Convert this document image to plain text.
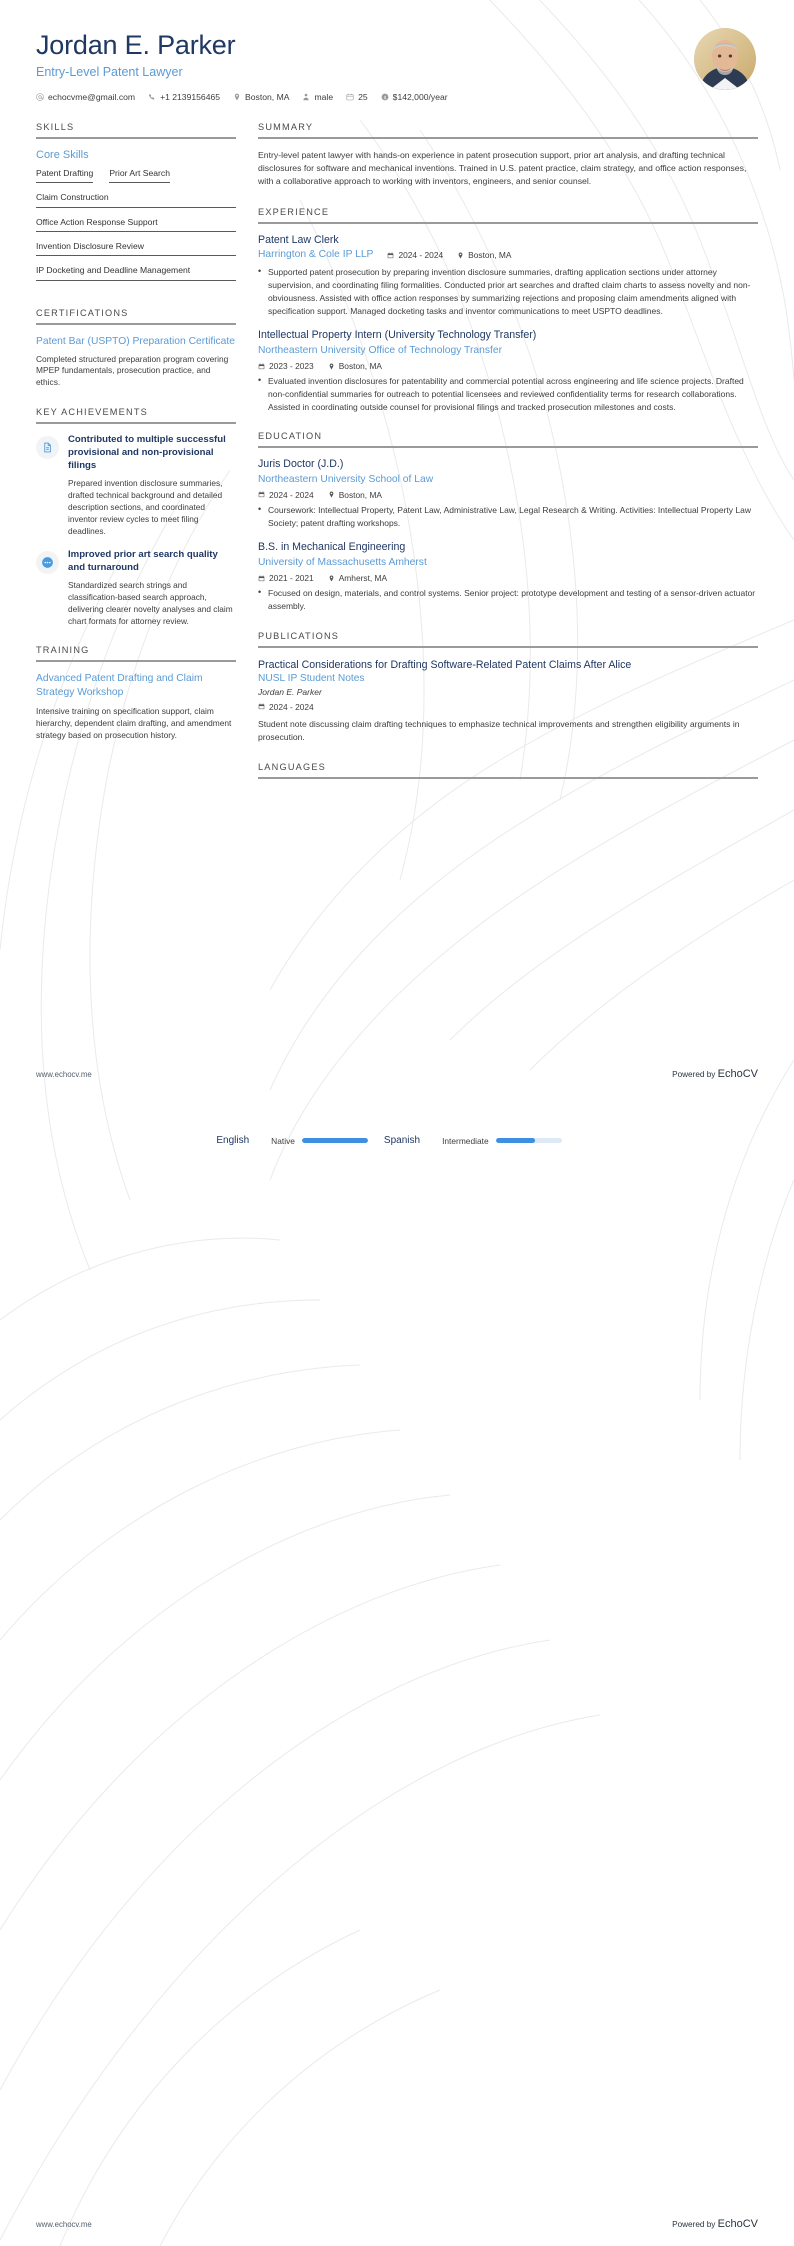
Jordan E. Parker
Entry-Level Patent Lawyer
echocvme@gmail.com	+1 2139156465	Boston, MA	male	25 $ $142,000/year
SKILLS
Core Skills
Patent Drafting Prior Art Search
Claim Construction
Office Action Response Support
Invention Disclosure Review
IP Docketing and Deadline Management
CERTIFICATIONS
Patent Bar (USPTO) Preparation Certificate
Completed structured preparation program covering MPEP fundamentals, prosecution practice, and ethics.
KEY ACHIEVEMENTS
Contributed to multiple successful provisional and non-provisional filings
Prepared invention disclosure summaries, drafted technical background and detailed description sections, and coordinated inventor review cycles to meet filing deadlines.
Improved prior art search quality and turnaround
Standardized search strings and classification-based search approach, delivering clearer novelty analyses and claim chart formats for attorney review.
TRAINING
Advanced Patent Drafting and Claim Strategy Workshop
Intensive training on specification support, claim hierarchy, dependent claim drafting, and amendment strategy based on prosecution history.
SUMMARY
Entry-level patent lawyer with hands-on experience in patent prosecution support, prior art analysis, and drafting technical disclosures for software and mechanical inventions. Trained in U.S. patent practice, claim strategy, and office action responses, with a collaborative approach to working with inventors, engineers, and senior counsel.
EXPERIENCE
Patent Law Clerk
Harrington & Cole IP LLP	2024 - 2024	Boston, MA
• Supported patent prosecution by preparing invention disclosure summaries, drafting application sections under attorney supervision, and coordinating filing formalities. Conducted prior art searches and drafted claim charts to assess novelty and non-obviousness. Assisted with office action responses by summarizing rejections and proposing claim amendments aligned with specification support. Managed docketing tasks and inventor communications to meet USPTO deadlines.
Intellectual Property Intern (University Technology Transfer)
Northeastern University Office of Technology Transfer
2023 - 2023	Boston, MA
• Evaluated invention disclosures for patentability and commercial potential across engineering and life science projects. Drafted non-confidential summaries for outreach to potential licensees and reviewed confidentiality terms for research collaborations. Assisted in coordinating outside counsel for provisional filings and tracked prosecution milestones and costs.
EDUCATION
Juris Doctor (J.D.)
Northeastern University School of Law
2024 - 2024	Boston, MA
• Coursework: Intellectual Property, Patent Law, Administrative Law, Legal Research & Writing. Activities: Intellectual Property Law Society; patent drafting workshops.
B.S. in Mechanical Engineering
University of Massachusetts Amherst
2021 - 2021	Amherst, MA
• Focused on design, materials, and control systems. Senior project: prototype development and testing of a sensor-driven actuator assembly.
PUBLICATIONS
Practical Considerations for Drafting Software-Related Patent Claims After Alice
NUSL IP Student Notes
Jordan E. Parker
2024 - 2024
Student note discussing claim drafting techniques to emphasize technical improvements and strengthen eligibility arguments in prosecution.
LANGUAGES
English	Native	Spanish	Intermediate
www.echocv.me	Powered by EchoCV
www.echocv.me	Powered by EchoCV
